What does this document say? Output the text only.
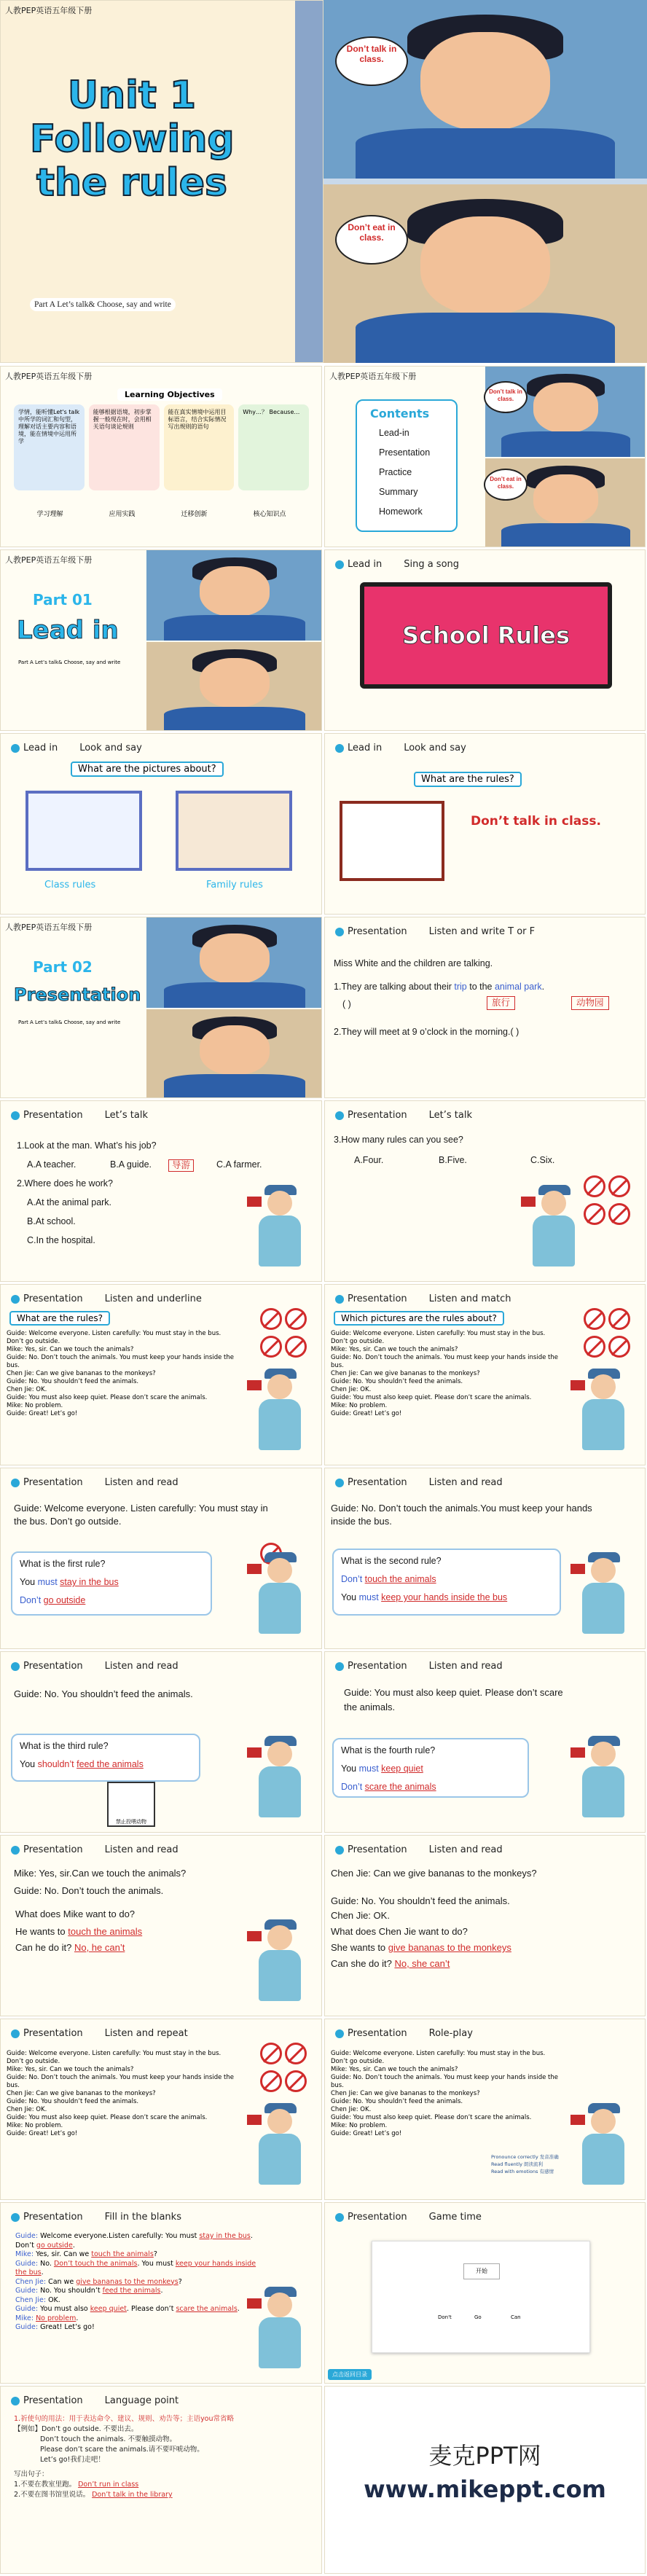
人教PEP英语五年级下册
Unit 1
Following
the rules
Part A Let’s talk& Choose, say and write
Don’t talk in class.
Don’t eat in class.
人教PEP英语五年级下册
Learning Objectives
学情，能听懂Let's talk中所学的词汇和句型，理解对话主要内容和语境，能在情境中运用所学
能够根据语境，初步掌握一般现在时，会用相关语句谈论规则
能在真实情境中运用目标语言，结合实际情况写出规则的语句
Why…？ Because…
学习理解	应用实践	迁移创新	核心知识点
人教PEP英语五年级下册
Contents
Lead-in
Presentation
Practice
Summary
Homework
Don’t talk in class.
Don’t eat in class.
人教PEP英语五年级下册
Part 01
Lead in
Part A Let’s talk& Choose, say and write
Lead in Sing a song
School Rules
Lead in Look and say
What are the pictures about?
Class rules	Family rules
Lead in Look and say
What are the rules?
Don’t talk in class.
人教PEP英语五年级下册
Part 02
Presentation
Part A Let’s talk& Choose, say and write
Presentation Listen and write T or F
Miss White and the children are talking.
1.They are talking about their trip to the animal park.
旅行	动物园
( )
2.They will meet at 9 o’clock in the morning.( )
Presentation Let’s talk
1.Look at the man. What’s his job?
A.A teacher.	B.A guide.	导游	C.A farmer.
2.Where does he work?
A.At the animal park.
B.At school.
C.In the hospital.
Presentation Let’s talk
3.How many rules can you see?
A.Four.	B.Five.	C.Six.
Presentation Listen and underline
What are the rules?
Guide: Welcome everyone. Listen carefully: You must stay in the bus. Don’t go outside.
Mike: Yes, sir. Can we touch the animals?
Guide: No. Don’t touch the animals. You must keep your hands inside the bus.
Chen Jie: Can we give bananas to the monkeys?
Guide: No. You shouldn’t feed the animals.
Chen Jie: OK.
Guide: You must also keep quiet. Please don’t scare the animals.
Mike: No problem.
Guide: Great! Let’s go!
Presentation Listen and match
Which pictures are the rules about?
Guide: Welcome everyone. Listen carefully: You must stay in the bus. Don’t go outside.
Mike: Yes, sir. Can we touch the animals?
Guide: No. Don’t touch the animals. You must keep your hands inside the bus.
Chen Jie: Can we give bananas to the monkeys?
Guide: No. You shouldn’t feed the animals.
Chen Jie: OK.
Guide: You must also keep quiet. Please don’t scare the animals.
Mike: No problem.
Guide: Great! Let’s go!
Presentation Listen and read
Guide: Welcome everyone. Listen carefully: You must stay in the bus. Don’t go outside.
What is the first rule?
You must stay in the bus
Don’t go outside
Presentation Listen and read
Guide: No. Don’t touch the animals.You must keep your hands inside the bus.
What is the second rule?
Don’t touch the animals
You must keep your hands inside the bus
Presentation Listen and read
Guide: No. You shouldn’t feed the animals.
What is the third rule?
You shouldn’t feed the animals
禁止投喂动物
Presentation Listen and read
Guide: You must also keep quiet. Please don’t scare the animals.
What is the fourth rule?
You must keep quiet
Don’t scare the animals
Presentation Listen and read
Mike: Yes, sir.Can we touch the animals?
Guide: No. Don’t touch the animals.
What does Mike want to do?
He wants to touch the animals
Can he do it? No, he can’t
Presentation Listen and read
Chen Jie: Can we give bananas to the monkeys?
Guide: No. You shouldn’t feed the animals.
Chen Jie: OK.
What does Chen Jie want to do?
She wants to give bananas to the monkeys
Can she do it? No, she can’t
Presentation Listen and repeat
Guide: Welcome everyone. Listen carefully: You must stay in the bus. Don’t go outside.
Mike: Yes, sir. Can we touch the animals?
Guide: No. Don’t touch the animals. You must keep your hands inside the bus.
Chen Jie: Can we give bananas to the monkeys?
Guide: No. You shouldn’t feed the animals.
Chen Jie: OK.
Guide: You must also keep quiet. Please don’t scare the animals.
Mike: No problem.
Guide: Great! Let’s go!
Presentation Role-play
Guide: Welcome everyone. Listen carefully: You must stay in the bus. Don’t go outside.
Mike: Yes, sir. Can we touch the animals?
Guide: No. Don’t touch the animals. You must keep your hands inside the bus.
Chen Jie: Can we give bananas to the monkeys?
Guide: No. You shouldn’t feed the animals.
Chen Jie: OK.
Guide: You must also keep quiet. Please don’t scare the animals.
Mike: No problem.
Guide: Great! Let’s go!
Pronounce correctly 发音准确
Read fluently 朗读流利
Read with emotions 有感情
Presentation Fill in the blanks
Guide: Welcome everyone.Listen carefully: You must stay in the bus. Don’t go outside.
Mike: Yes, sir. Can we touch the animals?
Guide: No. Don’t touch the animals. You must keep your hands inside the bus.
Chen Jie: Can we give bananas to the monkeys?
Guide: No. You shouldn’t feed the animals.
Chen Jie: OK.
Guide: You must also keep quiet. Please don’t scare the animals.
Mike: No problem.
Guide: Great! Let’s go!
Presentation Game time
开始
Don't	Go	Can
点击返回目录
Presentation Language point
1.祈使句的用法：用于表达命令、建议、规则、劝告等；主语you常省略
【例如】Don’t go outside. 不要出去。
Don’t touch the animals. 不要触摸动物。
Please don’t scare the animals.请不要吓唬动物。
Let’s go!我们走吧！
写出句子：
1.不要在教室里跑。 Don’t run in class
2.不要在图书馆里说话。 Don’t talk in the library
麦克PPT网
www.mikeppt.com
